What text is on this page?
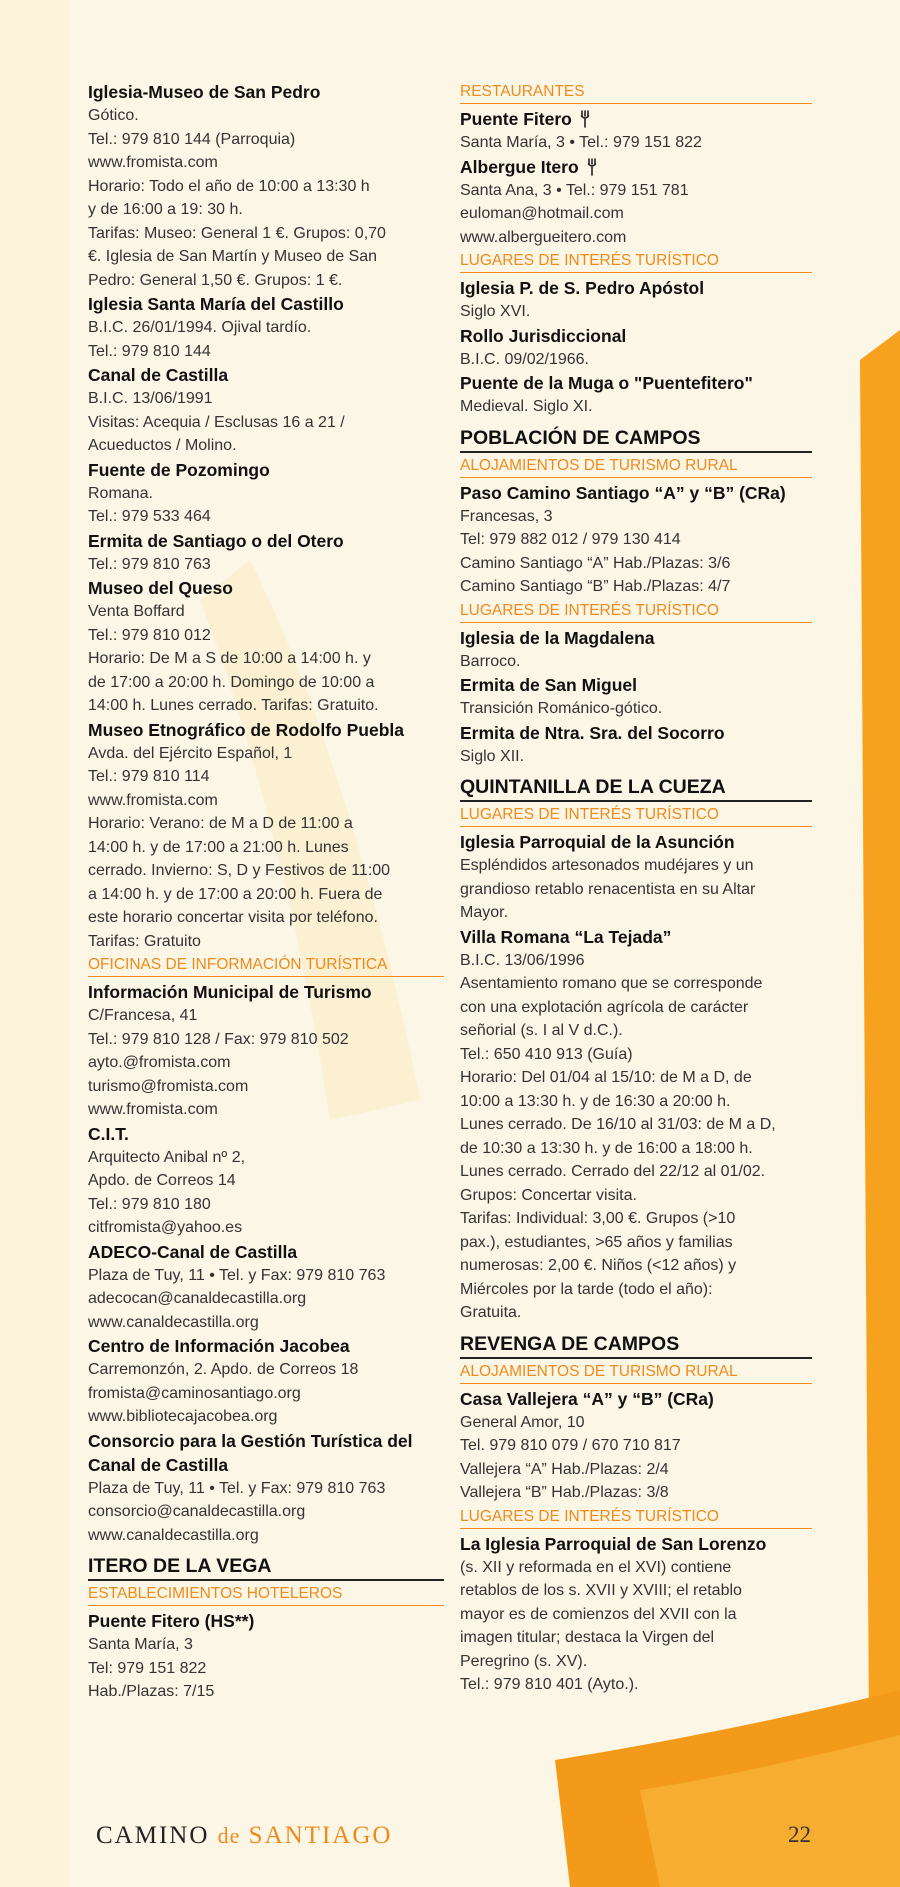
Iglesia-Museo de San Pedro
Gótico.
Tel.: 979 810 144 (Parroquia)
www.fromista.com
Horario: Todo el año de 10:00 a 13:30 h
y de 16:00 a 19: 30 h.
Tarifas: Museo: General 1 €. Grupos: 0,70
€. Iglesia de San Martín y Museo de San
Pedro: General 1,50 €. Grupos: 1 €.
Iglesia Santa María del Castillo
B.I.C. 26/01/1994. Ojival tardío.
Tel.: 979 810 144
Canal de Castilla
B.I.C. 13/06/1991
Visitas: Acequia / Esclusas 16 a 21 /
Acueductos / Molino.
Fuente de Pozomingo
Romana.
Tel.: 979 533 464
Ermita de Santiago o del Otero
Tel.: 979 810 763
Museo del Queso
Venta Boffard
Tel.: 979 810 012
Horario: De M a S de 10:00 a 14:00 h. y
de 17:00 a 20:00 h. Domingo de 10:00 a
14:00 h. Lunes cerrado. Tarifas: Gratuito.
Museo Etnográfico de Rodolfo Puebla
Avda. del Ejército Español, 1
Tel.: 979 810 114
www.fromista.com
Horario: Verano: de M a D de 11:00 a
14:00 h. y de 17:00 a 21:00 h. Lunes
cerrado. Invierno: S, D y Festivos de 11:00
a 14:00 h. y de 17:00 a 20:00 h. Fuera de
este horario concertar visita por teléfono.
Tarifas: Gratuito
OFICINAS DE INFORMACIÓN TURÍSTICA
Información Municipal de Turismo
C/Francesa, 41
Tel.: 979 810 128 / Fax: 979 810 502
ayto.@fromista.com
turismo@fromista.com
www.fromista.com
C.I.T.
Arquitecto Anibal nº 2,
Apdo. de Correos 14
Tel.: 979 810 180
citfromista@yahoo.es
ADECO-Canal de Castilla
Plaza de Tuy, 11 • Tel. y Fax: 979 810 763
adecocan@canaldecastilla.org
www.canaldecastilla.org
Centro de Información Jacobea
Carremonzón, 2. Apdo. de Correos 18
fromista@caminosantiago.org
www.bibliotecajacobea.org
Consorcio para la Gestión Turística del Canal de Castilla
Plaza de Tuy, 11 • Tel. y Fax: 979 810 763
consorcio@canaldecastilla.org
www.canaldecastilla.org
ITERO DE LA VEGA
ESTABLECIMIENTOS HOTELEROS
Puente Fitero (HS**)
Santa María, 3
Tel: 979 151 822
Hab./Plazas: 7/15
RESTAURANTES
Puente Fitero
Santa María, 3 • Tel.: 979 151 822
Albergue Itero
Santa Ana, 3 • Tel.: 979 151 781
euloman@hotmail.com
www.albergueitero.com
LUGARES DE INTERÉS TURÍSTICO
Iglesia P. de S. Pedro Apóstol
Siglo XVI.
Rollo Jurisdiccional
B.I.C. 09/02/1966.
Puente de la Muga o "Puentefitero"
Medieval. Siglo XI.
POBLACIÓN DE CAMPOS
ALOJAMIENTOS DE TURISMO RURAL
Paso Camino Santiago “A” y “B” (CRa)
Francesas, 3
Tel: 979 882 012 / 979 130 414
Camino Santiago “A” Hab./Plazas: 3/6
Camino Santiago “B” Hab./Plazas: 4/7
LUGARES DE INTERÉS TURÍSTICO
Iglesia de la Magdalena
Barroco.
Ermita de San Miguel
Transición Románico-gótico.
Ermita de Ntra. Sra. del Socorro
Siglo XII.
QUINTANILLA DE LA CUEZA
LUGARES DE INTERÉS TURÍSTICO
Iglesia Parroquial de la Asunción
Espléndidos artesonados mudéjares y un
grandioso retablo renacentista en su Altar
Mayor.
Villa Romana “La Tejada”
B.I.C. 13/06/1996
Asentamiento romano que se corresponde
con una explotación agrícola de carácter
señorial (s. I al V d.C.).
Tel.: 650 410 913 (Guía)
Horario: Del 01/04 al 15/10: de M a D, de
10:00 a 13:30 h. y de 16:30 a 20:00 h.
Lunes cerrado. De 16/10 al 31/03: de M a D,
de 10:30 a 13:30 h. y de 16:00 a 18:00 h.
Lunes cerrado. Cerrado del 22/12 al 01/02.
Grupos: Concertar visita.
Tarifas: Individual: 3,00 €. Grupos (>10
pax.), estudiantes, >65 años y familias
numerosas: 2,00 €. Niños (<12 años) y
Miércoles por la tarde (todo el año):
Gratuita.
REVENGA DE CAMPOS
ALOJAMIENTOS DE TURISMO RURAL
Casa Vallejera “A” y “B” (CRa)
General Amor, 10
Tel. 979 810 079 / 670 710 817
Vallejera “A” Hab./Plazas: 2/4
Vallejera “B” Hab./Plazas: 3/8
LUGARES DE INTERÉS TURÍSTICO
La Iglesia Parroquial de San Lorenzo
(s. XII y reformada en el XVI) contiene
retablos de los s. XVII y XVIII; el retablo
mayor es de comienzos del XVII con la
imagen titular; destaca la Virgen del
Peregrino (s. XV).
Tel.: 979 810 401 (Ayto.).
CAMINO de SANTIAGO	22
